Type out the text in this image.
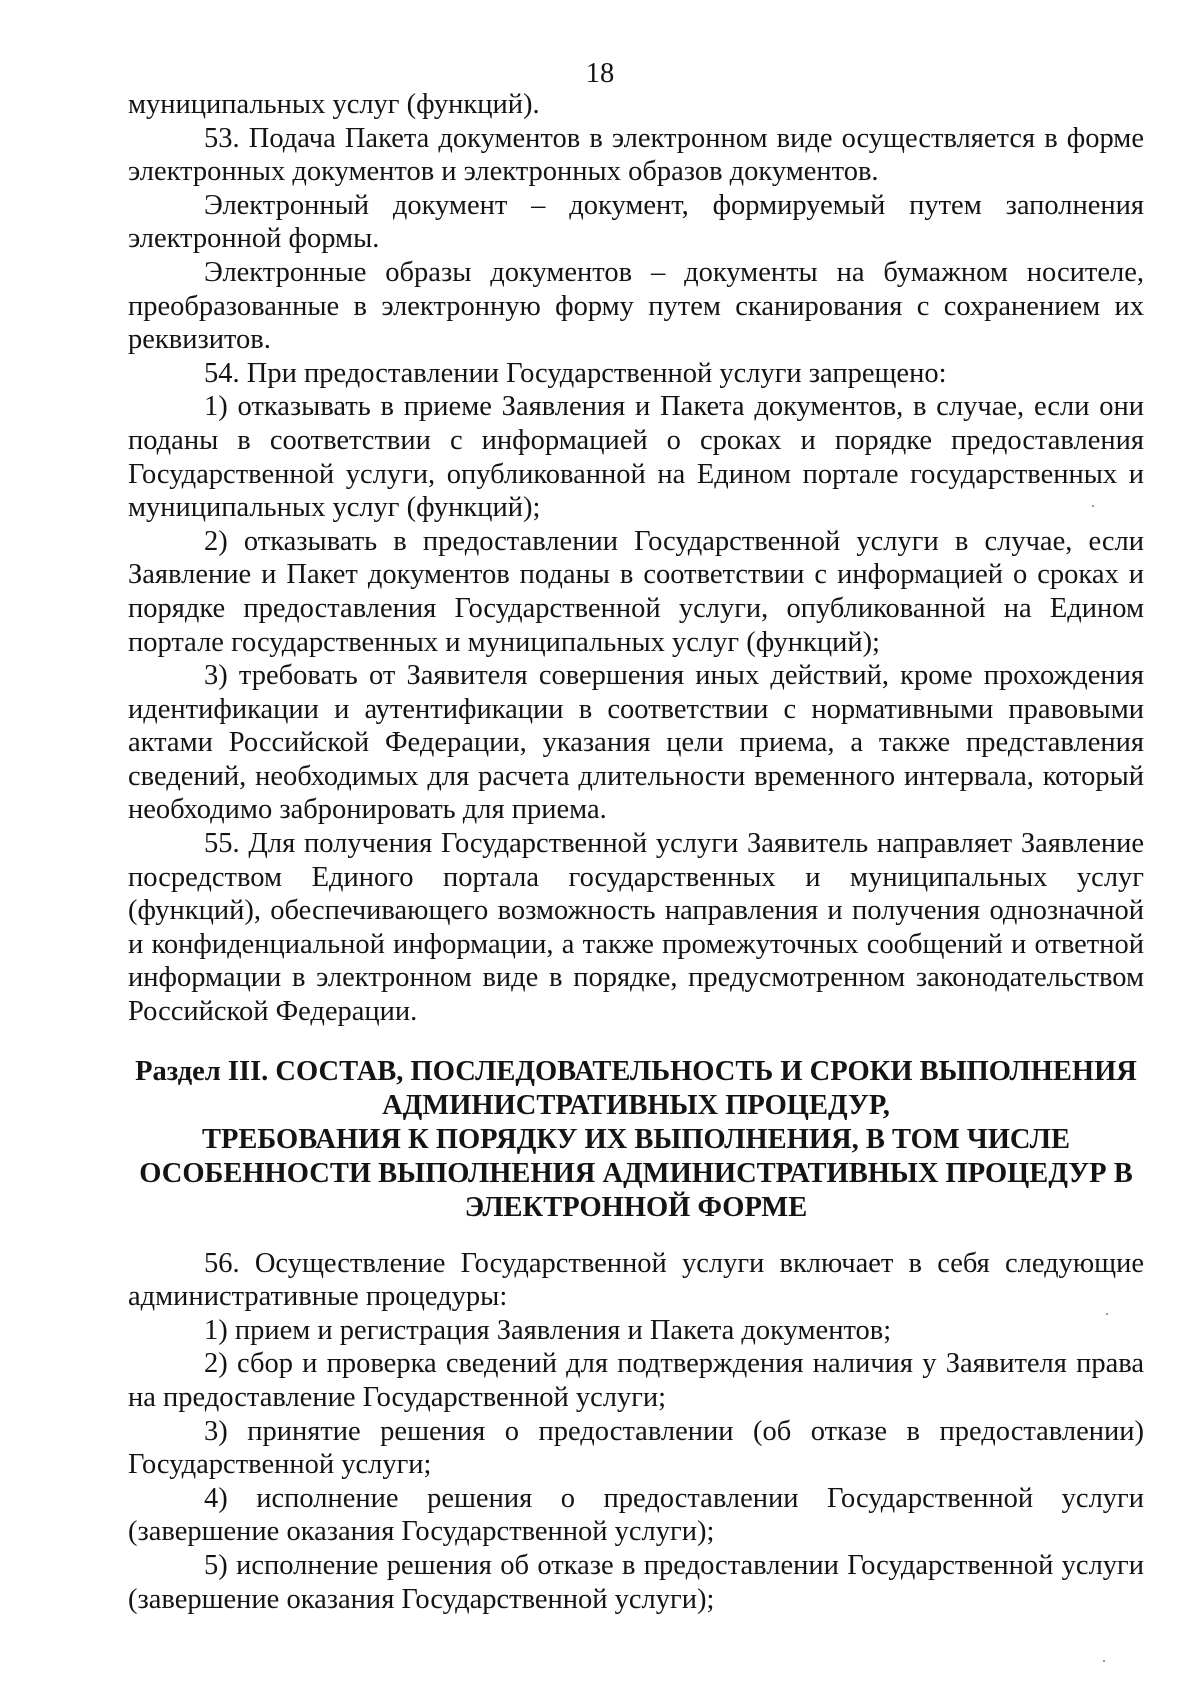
18

муниципальных услуг (функций).

53. Подача Пакета документов в электронном виде осуществляется в форме электронных документов и электронных образов документов.

Электронный документ – документ, формируемый путем заполнения электронной формы.

Электронные образы документов – документы на бумажном носителе, преобразованные в электронную форму путем сканирования с сохранением их реквизитов.

54. При предоставлении Государственной услуги запрещено:

1) отказывать в приеме Заявления и Пакета документов, в случае, если они поданы в соответствии с информацией о сроках и порядке предоставления Государственной услуги, опубликованной на Едином портале государственных и муниципальных услуг (функций);

2) отказывать в предоставлении Государственной услуги в случае, если Заявление и Пакет документов поданы в соответствии с информацией о сроках и порядке предоставления Государственной услуги, опубликованной на Едином портале государственных и муниципальных услуг (функций);

3) требовать от Заявителя совершения иных действий, кроме прохождения идентификации и аутентификации в соответствии с нормативными правовыми актами Российской Федерации, указания цели приема, а также представления сведений, необходимых для расчета длительности временного интервала, который необходимо забронировать для приема.

55. Для получения Государственной услуги Заявитель направляет Заявление посредством Единого портала государственных и муниципальных услуг (функций), обеспечивающего возможность направления и получения однозначной и конфиденциальной информации, а также промежуточных сообщений и ответной информации в электронном виде в порядке, предусмотренном законодательством Российской Федерации.

Раздел III. СОСТАВ, ПОСЛЕДОВАТЕЛЬНОСТЬ И СРОКИ ВЫПОЛНЕНИЯ
АДМИНИСТРАТИВНЫХ ПРОЦЕДУР,
ТРЕБОВАНИЯ К ПОРЯДКУ ИХ ВЫПОЛНЕНИЯ, В ТОМ ЧИСЛЕ
ОСОБЕННОСТИ ВЫПОЛНЕНИЯ АДМИНИСТРАТИВНЫХ ПРОЦЕДУР В
ЭЛЕКТРОННОЙ ФОРМЕ

56. Осуществление Государственной услуги включает в себя следующие административные процедуры:

1) прием и регистрация Заявления и Пакета документов;

2) сбор и проверка сведений для подтверждения наличия у Заявителя права на предоставление Государственной услуги;

3) принятие решения о предоставлении (об отказе в предоставлении) Государственной услуги;

4) исполнение решения о предоставлении Государственной услуги (завершение оказания Государственной услуги);

5) исполнение решения об отказе в предоставлении Государственной услуги (завершение оказания Государственной услуги);
